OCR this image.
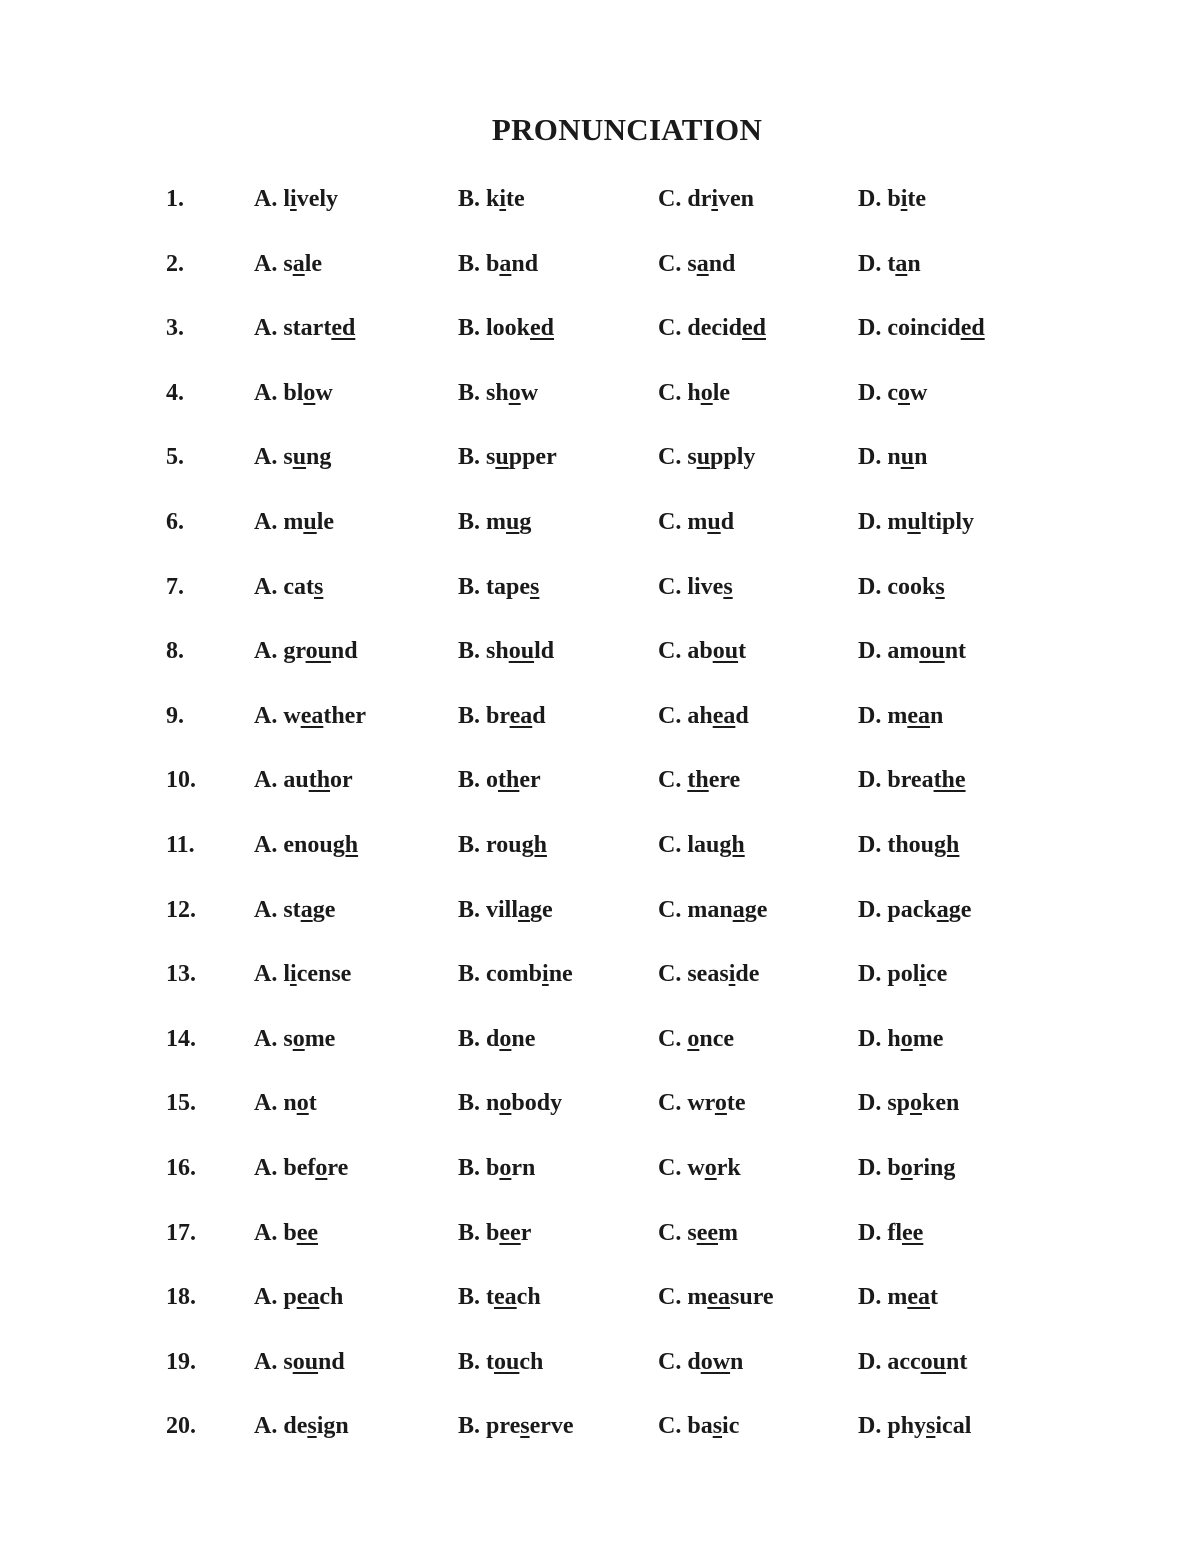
PRONUNCIATION
1.	A. lively	B. kite	C. driven	D. bite
2.	A. sale	B. band	C. sand	D. tan
3.	A. started	B. looked	C. decided	D. coincided
4.	A. blow	B. show	C. hole	D. cow
5.	A. sung	B. supper	C. supply	D. nun
6.	A. mule	B. mug	C. mud	D. multiply
7.	A. cats	B. tapes	C. lives	D. cooks
8.	A. ground	B. should	C. about	D. amount
9.	A. weather	B. bread	C. ahead	D. mean
10. A. author	B. other	C. there	D. breathe
11. A. enough	B. rough	C. laugh	D. though
12. A. stage	B. village	C. manage	D. package
13. A. license	B. combine	C. seaside	D. police
14. A. some	B. done	C. once	D. home
15. A. not	B. nobody	C. wrote	D. spoken
16. A. before	B. born	C. work	D. boring
17. A. bee	B. beer	C. seem	D. flee
18. A. peach	B. teach	C. measure	D. meat
19. A. sound	B. touch	C. down	D. account
20. A. design	B. preserve	C. basic	D. physical
